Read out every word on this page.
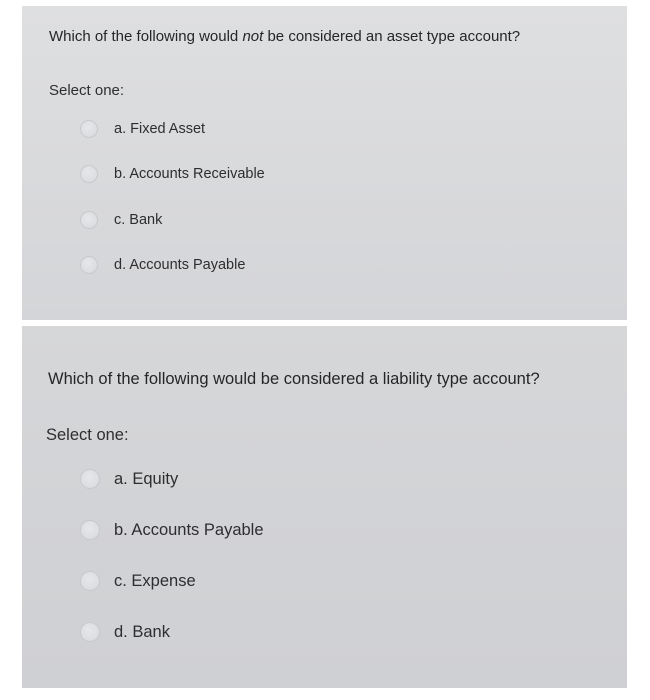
Which of the following would not be considered an asset type account?
Select one:
a. Fixed Asset
b. Accounts Receivable
c. Bank
d. Accounts Payable
Which of the following would be considered a liability type account?
Select one:
a. Equity
b. Accounts Payable
c. Expense
d. Bank
